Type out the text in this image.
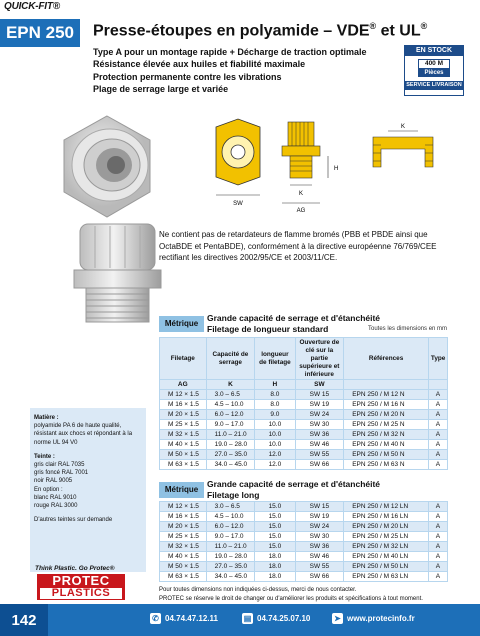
QUICK-FIT®
EPN 250	Presse-étoupes en polyamide – VDE® et UL®
Type A pour un montage rapide + Décharge de traction optimale
Résistance élevée aux huiles et fiabilité maximale
Protection permanente contre les vibrations
Plage de serrage large et variée
EN STOCK
400 M
Pièces
SERVICE LIVRAISON
SW
K
AG
H
K
Ne contient pas de retardateurs de flamme bromés (PBB et PBDE ainsi que OctaBDE et PentaBDE), conformément à la directive européenne 76/769/CEE rectifiant les directives 2002/95/CE et 2003/11/CE.
Métrique
Grande capacité de serrage et d'étanchéité
Filetage de longueur standard	Toutes les dimensions en mm
Filetage	Capacité de serrage	longueur de filetage	Ouverture de clé sur la partie supérieure et inférieure	Références	Type
AG	K	H	SW		
M 12 × 1.5	3.0 – 6.5	8.0	SW 15	EPN 250 / M 12 N	A
M 16 × 1.5	4.5 – 10.0	8.0	SW 19	EPN 250 / M 16 N	A
M 20 × 1.5	6.0 – 12.0	9.0	SW 24	EPN 250 / M 20 N	A
M 25 × 1.5	9.0 – 17.0	10.0	SW 30	EPN 250 / M 25 N	A
M 32 × 1.5	11.0 – 21.0	10.0	SW 36	EPN 250 / M 32 N	A
M 40 × 1.5	19.0 – 28.0	10.0	SW 46	EPN 250 / M 40 N	A
M 50 × 1.5	27.0 – 35.0	12.0	SW 55	EPN 250 / M 50 N	A
M 63 × 1.5	34.0 – 45.0	12.0	SW 66	EPN 250 / M 63 N	A
Métrique
Grande capacité de serrage et d'étanchéité
Filetage long
M 12 × 1.5	3.0 – 6.5	15.0	SW 15	EPN 250 / M 12 LN	A
M 16 × 1.5	4.5 – 10.0	15.0	SW 19	EPN 250 / M 16 LN	A
M 20 × 1.5	6.0 – 12.0	15.0	SW 24	EPN 250 / M 20 LN	A
M 25 × 1.5	9.0 – 17.0	15.0	SW 30	EPN 250 / M 25 LN	A
M 32 × 1.5	11.0 – 21.0	15.0	SW 36	EPN 250 / M 32 LN	A
M 40 × 1.5	19.0 – 28.0	18.0	SW 46	EPN 250 / M 40 LN	A
M 50 × 1.5	27.0 – 35.0	18.0	SW 55	EPN 250 / M 50 LN	A
M 63 × 1.5	34.0 – 45.0	18.0	SW 66	EPN 250 / M 63 LN	A
Matière :
polyamide PA 6 de haute qualité, résistant aux chocs et répondant à la norme UL 94 V0
Teinte :
gris clair RAL 7035
gris foncé RAL 7001
noir RAL 9005
En option :
blanc RAL 9010
rouge RAL 3000
D'autres teintes sur demande
Think Plastic. Go Protec®
PROTEC
PLASTICS	Pour toutes dimensions non indiquées ci-dessus, merci de nous contacter.
PROTEC se réserve le droit de changer ou d'améliorer les produits et spécifications à tout moment.
142	✆ 04.74.47.12.11	▤ 04.74.25.07.10	➤ www.protecinfo.fr
